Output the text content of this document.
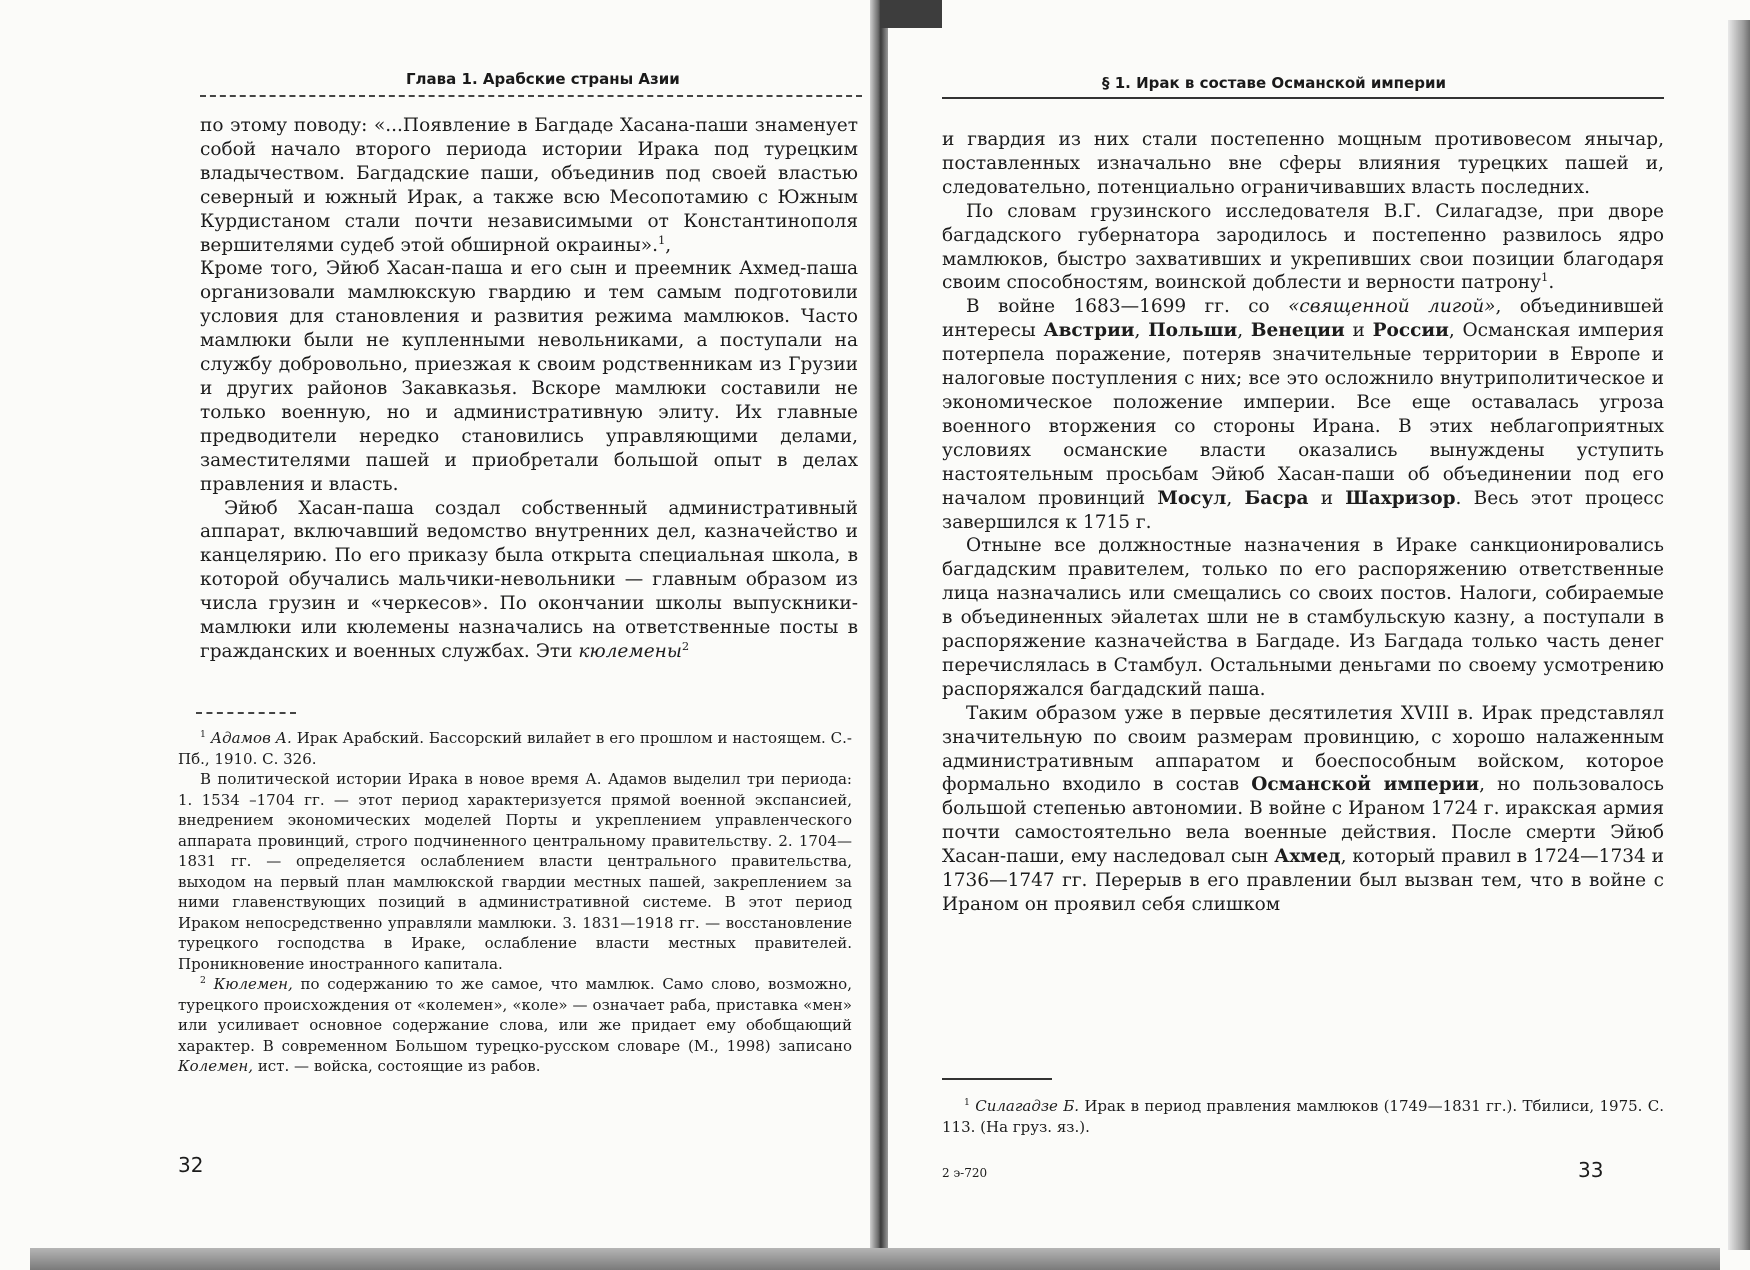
Глава 1. Арабские страны Азии

по этому поводу: «...Появление в Багдаде Хасана-паши знаменует собой начало второго периода истории Ирака под турецким владычеством. Багдадские паши, объединив под своей властью северный и южный Ирак, а также всю Месопотамию с Южным Курдистаном стали почти независимыми от Константинополя вершителями судеб этой обширной окраины».$^1$,

Кроме того, Эйюб Хасан-паша и его сын и преемник Ахмед-паша организовали мамлюкскую гвардию и тем самым подготовили условия для становления и развития режима мамлюков. Часто мамлюки были не купленными невольниками, а поступали на службу добровольно, приезжая к своим родственникам из Грузии и других районов Закавказья. Вскоре мамлюки составили не только военную, но и административную элиту. Их главные предводители нередко становились управляющими делами, заместителями пашей и приобретали большой опыт в делах правления и власть.

Эйюб Хасан-паша создал собственный административный аппарат, включавший ведомство внутренних дел, казначейство и канцелярию. По его приказу была открыта специальная школа, в которой обучались мальчики-невольники — главным образом из числа грузин и «черкесов». По окончании школы выпускники-мамлюки или кюлемены назначались на ответственные посты в гражданских и военных службах. Эти кюлемены$^2$

$^1$ Адамов А. Ирак Арабский. Бассорский вилайет в его прошлом и настоящем. С.-Пб., 1910. С. 326.

В политической истории Ирака в новое время А. Адамов выделил три периода: 1. 1534 –1704 гг. — этот период характеризуется прямой военной экспансией, внедрением экономических моделей Порты и укреплением управленческого аппарата провинций, строго подчиненного центральному правительству. 2. 1704—1831 гг. — определяется ослаблением власти центрального правительства, выходом на первый план мамлюкской гвардии местных пашей, закреплением за ними главенствующих позиций в административной системе. В этот период Ираком непосредственно управляли мамлюки. 3. 1831—1918 гг. — восстановление турецкого господства в Ираке, ослабление власти местных правителей. Проникновение иностранного капитала.

$^2$ Кюлемен, по содержанию то же самое, что мамлюк. Само слово, возможно, турецкого происхождения от «колемен», «коле» — означает раба, приставка «мен» или усиливает основное содержание слова, или же придает ему обобщающий характер. В современном Большом турецко-русском словаре (М., 1998) записано Колемен, ист. — войска, состоящие из рабов.

32
§ 1. Ирак в составе Османской империи

и гвардия из них стали постепенно мощным противовесом янычар, поставленных изначально вне сферы влияния турецких пашей и, следовательно, потенциально ограничивавших власть последних.

По словам грузинского исследователя В.Г. Силагадзе, при дворе багдадского губернатора зародилось и постепенно развилось ядро мамлюков, быстро захвативших и укрепивших свои позиции благодаря своим способностям, воинской доблести и верности патрону$^1$.

В войне 1683—1699 гг. со «священной лигой», объединившей интересы Австрии, Польши, Венеции и России, Османская империя потерпела поражение, потеряв значительные территории в Европе и налоговые поступления с них; все это осложнило внутриполитическое и экономическое положение империи. Все еще оставалась угроза военного вторжения со стороны Ирана. В этих неблагоприятных условиях османские власти оказались вынуждены уступить настоятельным просьбам Эйюб Хасан-паши об объединении под его началом провинций Мосул, Басра и Шахризор. Весь этот процесс завершился к 1715 г.

Отныне все должностные назначения в Ираке санкционировались багдадским правителем, только по его распоряжению ответственные лица назначались или смещались со своих постов. Налоги, собираемые в объединенных эйалетах шли не в стамбульскую казну, а поступали в распоряжение казначейства в Багдаде. Из Багдада только часть денег перечислялась в Стамбул. Остальными деньгами по своему усмотрению распоряжался багдадский паша.

Таким образом уже в первые десятилетия XVIII в. Ирак представлял значительную по своим размерам провинцию, с хорошо налаженным административным аппаратом и боеспособным войском, которое формально входило в состав Османской империи, но пользовалось большой степенью автономии. В войне с Ираном 1724 г. иракская армия почти самостоятельно вела военные действия. После смерти Эйюб Хасан-паши, ему наследовал сын Ахмед, который правил в 1724—1734 и 1736—1747 гг. Перерыв в его правлении был вызван тем, что в войне с Ираном он проявил себя слишком

$^1$ Силагадзе Б. Ирак в период правления мамлюков (1749—1831 гг.). Тбилиси, 1975. С. 113. (На груз. яз.).

2 э-720	33
